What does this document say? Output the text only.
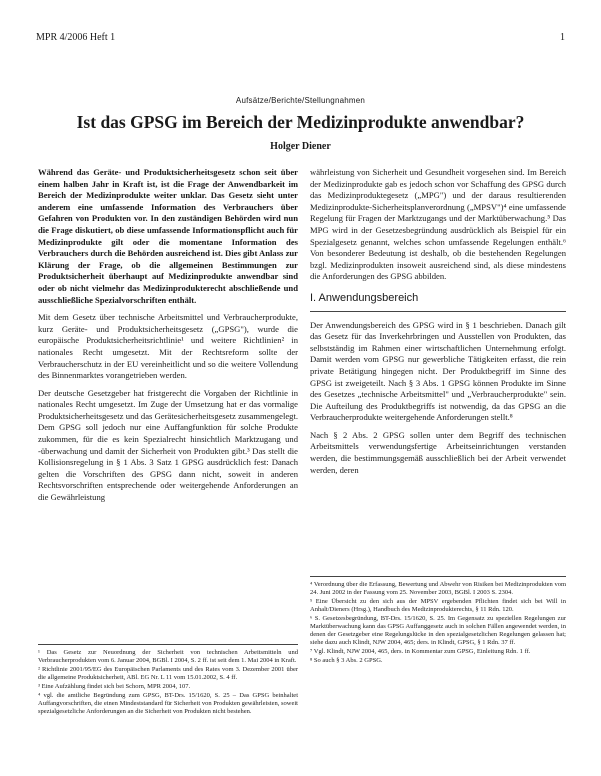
MPR 4/2006 Heft 1	1
Aufsätze/Berichte/Stellungnahmen
Ist das GPSG im Bereich der Medizinprodukte anwendbar?
Holger Diener

Während das Geräte- und Produktsicherheitsgesetz schon seit über einem halben Jahr in Kraft ist, ist die Frage der Anwendbarkeit im Bereich der Medizinprodukte weiter unklar. Das Gesetz sieht unter anderem eine umfassende Information des Verbrauchers über Gefahren von Produkten vor. In den zuständigen Behörden wird nun die Frage diskutiert, ob diese umfassende Informationspflicht auch für Medizinprodukte gilt oder die momentane Information des Verbrauchers durch die Behörden ausreichend ist. Dies gibt Anlass zur Klärung der Frage, ob die allgemeinen Bestimmungen zur Produktsicherheit überhaupt auf Medizinprodukte anwendbar sind oder ob nicht vielmehr das Medizinprodukterecht abschließende und ausschließliche Spezialvorschriften enthält.

Mit dem Gesetz über technische Arbeitsmittel und Verbraucherprodukte, kurz Geräte- und Produktsicherheitsgesetz („GPSG"), wurde die europäische Produktsicherheitsrichtlinie¹ und weitere Richtlinien² in nationales Recht umgesetzt. Mit der Rechtsreform sollte der Verbraucherschutz in der EU vereinheitlicht und so die weitere Vollendung des Binnenmarktes vorangetrieben werden.

Der deutsche Gesetzgeber hat fristgerecht die Vorgaben der Richtlinie in nationales Recht umgesetzt. Im Zuge der Umsetzung hat er das vormalige Produktsicherheitsgesetz und das Gerätesicherheitsgesetz zusammengelegt. Dem GPSG soll jedoch nur eine Auffangfunktion für solche Produkte zukommen, für die es kein Spezialrecht hinsichtlich Marktzugang und -überwachung und damit der Sicherheit von Produkten gibt.³ Das stellt die Kollisionsregelung in § 1 Abs. 3 Satz 1 GPSG ausdrücklich fest: Danach gelten die Vorschriften des GPSG dann nicht, soweit in anderen Rechtsvorschriften entsprechende oder weitergehende Anforderungen an die Gewährleistung

währleistung von Sicherheit und Gesundheit vorgesehen sind. Im Bereich der Medizinprodukte gab es jedoch schon vor Schaffung des GPSG durch das Medizinproduktegesetz („MPG") und der daraus resultierenden Medizinprodukte-Sicherheitsplanverordnung („MPSV")⁴ eine umfassende Regelung für Fragen der Marktzugangs und der Marktüberwachung.⁵ Das MPG wird in der Gesetzesbegründung ausdrücklich als Beispiel für ein Spezialgesetz genannt, welches schon umfassende Regelungen enthält.⁶ Von besonderer Bedeutung ist deshalb, ob die bestehenden Regelungen bzgl. Medizinprodukten insoweit ausreichend sind, als diese mindestens die Anforderungen des GPSG abbilden.

I. Anwendungsbereich

Der Anwendungsbereich des GPSG wird in § 1 beschrieben. Danach gilt das Gesetz für das Inverkehrbringen und Ausstellen von Produkten, das selbstständig im Rahmen einer wirtschaftlichen Unternehmung erfolgt. Damit werden vom GPSG nur gewerbliche Tätigkeiten erfasst, die rein private Betätigung hingegen nicht. Der Produktbegriff im Sinne des GPSG ist zweigeteilt. Nach § 3 Abs. 1 GPSG können Produkte im Sinne des Gesetzes „technische Arbeitsmittel" und „Verbraucherprodukte" sein. Die Aufteilung des Produktbegriffs ist notwendig, da das GPSG an die Verbraucherprodukte weitergehende Anforderungen stellt.⁸

Nach § 2 Abs. 2 GPSG sollen unter dem Begriff des technischen Arbeitsmittels verwendungsfertige Arbeitseinrichtungen verstanden werden, die bestimmungsgemäß ausschließlich bei der Arbeit verwendet werden, deren

¹ Das Gesetz zur Neuordnung der Sicherheit von technischen Arbeitsmitteln und Verbraucherprodukten vom 6. Januar 2004, BGBl. I 2004, S. 2 ff. ist seit dem 1. Mai 2004 in Kraft.

² Richtlinie 2001/95/EG des Europäischen Parlaments und des Rates vom 3. Dezember 2001 über die allgemeine Produktsicherheit, ABl. EG Nr. L 11 vom 15.01.2002, S. 4 ff.

³ Eine Aufzählung findet sich bei Schorn, MPR 2004, 107.

⁴ vgl. die amtliche Begründung zum GPSG, BT-Drs. 15/1620, S. 25 – Das GPSG beinhaltet Auffangvorschriften, die einen Mindeststandard für Sicherheit von Produkten gewährleisten, soweit spezialgesetzliche Anforderungen an die Sicherheit von Produkten nicht bestehen.

⁴ Verordnung über die Erfassung, Bewertung und Abwehr von Risiken bei Medizinprodukten vom 24. Juni 2002 in der Fassung vom 25. November 2003, BGBl. I 2003 S. 2304.

⁵ Eine Übersicht zu den sich aus der MPSV ergebenden Pflichten findet sich bei Will in Anhalt/Dieners (Hrsg.), Handbuch des Medizinprodukterechts, § 11 Rdn. 120.

⁶ S. Gesetzesbegründung, BT-Drs. 15/1620, S. 25. Im Gegensatz zu speziellen Regelungen zur Marktüberwachung kann das GPSG Auffanggesetz auch in solchen Fällen angewendet werden, in denen der Gesetzgeber eine Regelungslücke in den spezialgesetzlichen Regelungen gelassen hat; siehe dazu auch Klindt, NJW 2004, 465; ders. in Klindt, GPSG, § 1 Rdn. 37 ff.

⁷ Vgl. Klindt, NJW 2004, 465, ders. in Kommentar zum GPSG, Einleitung Rdn. 1 ff.

⁸ So auch § 3 Abs. 2 GPSG.
